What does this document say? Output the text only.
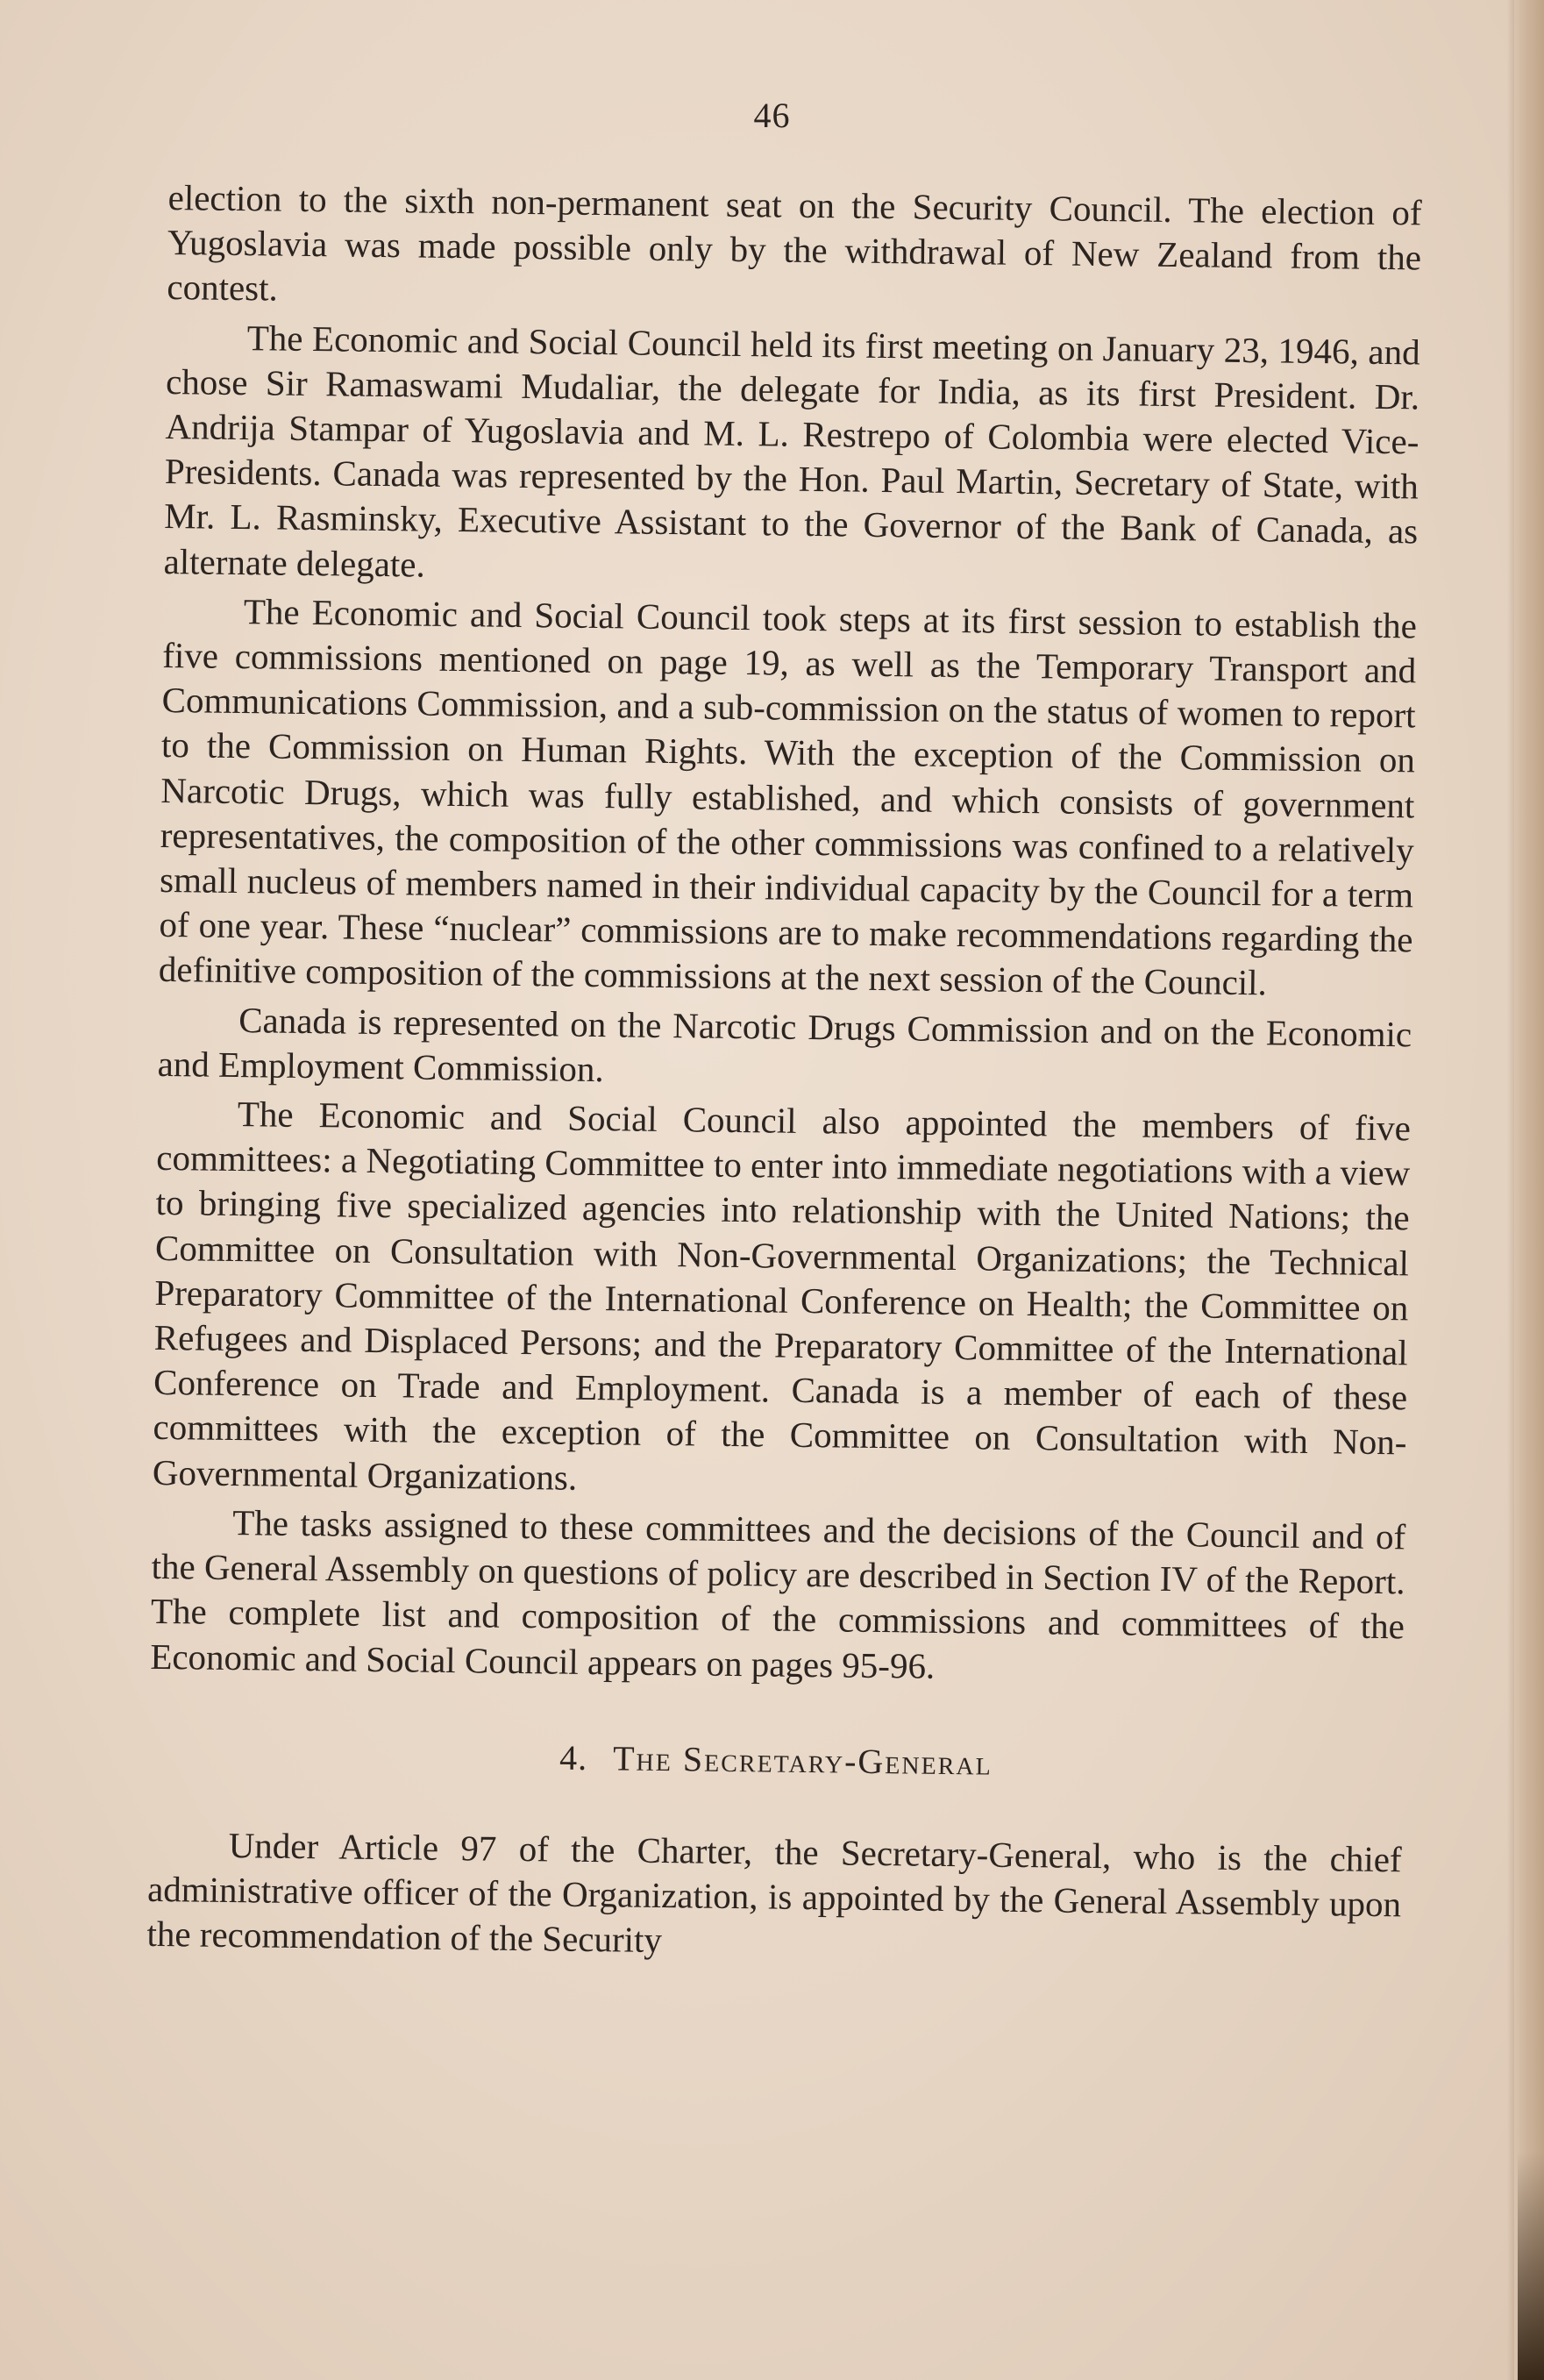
46

election to the sixth non-permanent seat on the Security Council. The election of Yugoslavia was made possible only by the withdrawal of New Zealand from the contest.

The Economic and Social Council held its first meeting on January 23, 1946, and chose Sir Ramaswami Mudaliar, the delegate for India, as its first President. Dr. Andrija Stampar of Yugoslavia and M. L. Restrepo of Colombia were elected Vice-Presidents. Canada was represented by the Hon. Paul Martin, Secretary of State, with Mr. L. Rasminsky, Executive Assistant to the Governor of the Bank of Canada, as alternate delegate.

The Economic and Social Council took steps at its first session to establish the five commissions mentioned on page 19, as well as the Temporary Transport and Communications Commission, and a sub-commission on the status of women to report to the Commission on Human Rights. With the exception of the Commission on Narcotic Drugs, which was fully established, and which consists of government representatives, the composition of the other commissions was confined to a relatively small nucleus of members named in their individual capacity by the Council for a term of one year. These “nuclear” commissions are to make recommendations regarding the definitive composition of the commissions at the next session of the Council.

Canada is represented on the Narcotic Drugs Commission and on the Economic and Employment Commission.

The Economic and Social Council also appointed the members of five committees: a Negotiating Committee to enter into immediate negotiations with a view to bringing five specialized agencies into relationship with the United Nations; the Committee on Consultation with Non-Governmental Organizations; the Technical Preparatory Committee of the International Conference on Health; the Committee on Refugees and Displaced Persons; and the Preparatory Committee of the International Conference on Trade and Employment. Canada is a member of each of these committees with the exception of the Committee on Consultation with Non-Governmental Organizations.

The tasks assigned to these committees and the decisions of the Council and of the General Assembly on questions of policy are described in Section IV of the Report. The complete list and composition of the commissions and committees of the Economic and Social Council appears on pages 95-96.

4. The Secretary-General

Under Article 97 of the Charter, the Secretary-General, who is the chief administrative officer of the Organization, is appointed by the General Assembly upon the recommendation of the Security
